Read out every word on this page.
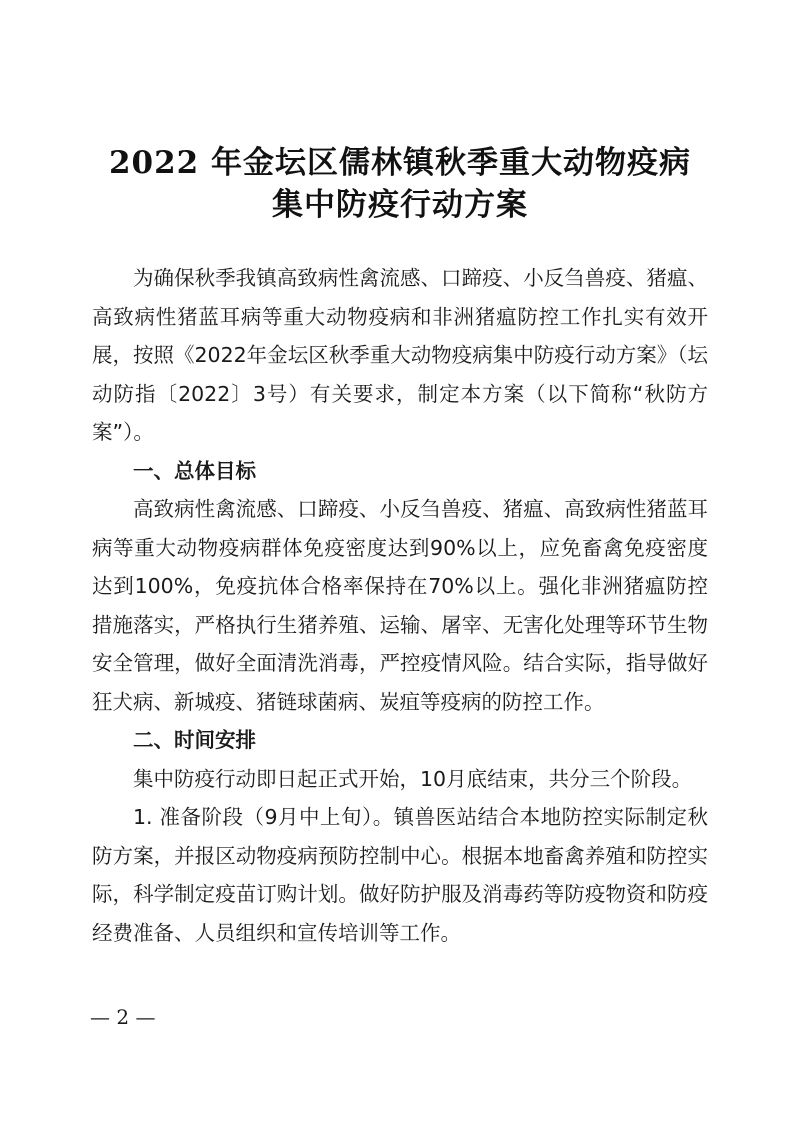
2022 年金坛区儒林镇秋季重大动物疫病
集中防疫行动方案

为确保秋季我镇高致病性禽流感、口蹄疫、小反刍兽疫、猪瘟、高致病性猪蓝耳病等重大动物疫病和非洲猪瘟防控工作扎实有效开展，按照《2022年金坛区秋季重大动物疫病集中防疫行动方案》（坛动防指〔2022〕3号）有关要求，制定本方案（以下简称“秋防方案”）。

一、总体目标

高致病性禽流感、口蹄疫、小反刍兽疫、猪瘟、高致病性猪蓝耳病等重大动物疫病群体免疫密度达到90%以上，应免畜禽免疫密度达到100%，免疫抗体合格率保持在70%以上。强化非洲猪瘟防控措施落实，严格执行生猪养殖、运输、屠宰、无害化处理等环节生物安全管理，做好全面清洗消毒，严控疫情风险。结合实际，指导做好狂犬病、新城疫、猪链球菌病、炭疽等疫病的防控工作。

二、时间安排

集中防疫行动即日起正式开始，10月底结束，共分三个阶段。

1. 准备阶段（9月中上旬）。镇兽医站结合本地防控实际制定秋防方案，并报区动物疫病预防控制中心。根据本地畜禽养殖和防控实际，科学制定疫苗订购计划。做好防护服及消毒药等防疫物资和防疫经费准备、人员组织和宣传培训等工作。

— 2 —
